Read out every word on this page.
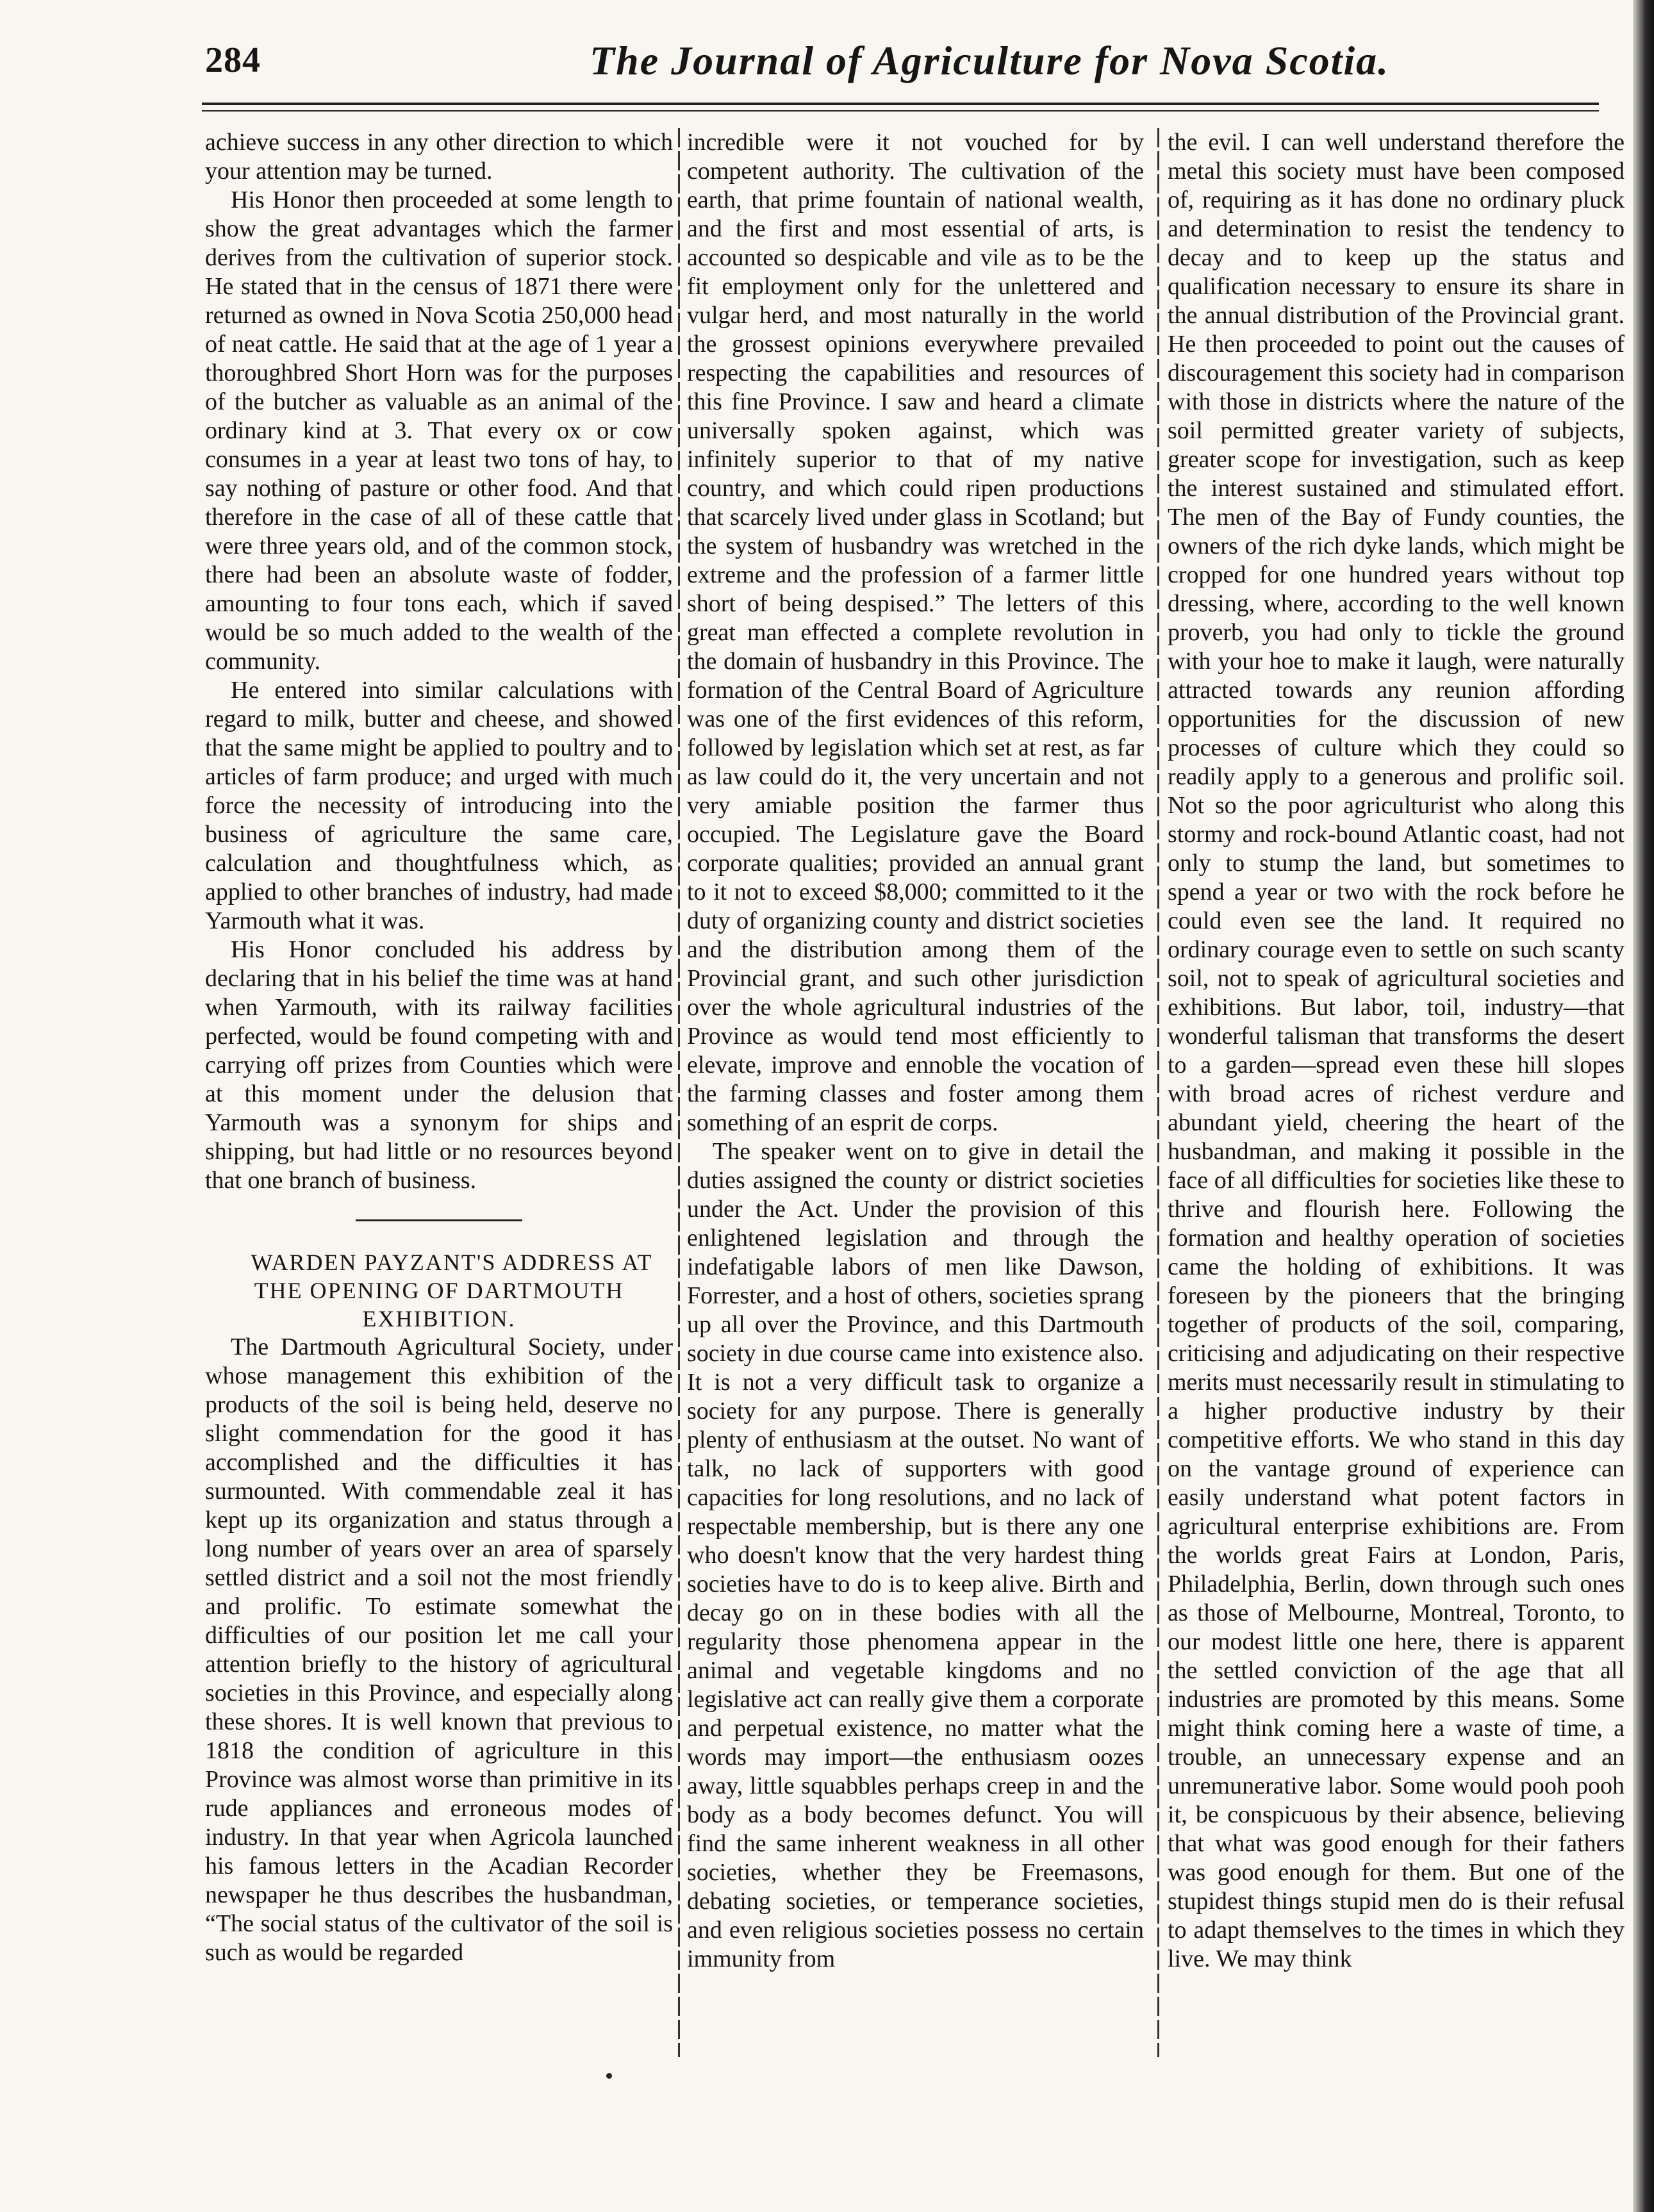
284	The Journal of Agriculture for Nova Scotia.

achieve success in any other direction to which your attention may be turned.

His Honor then proceeded at some length to show the great advantages which the farmer derives from the cultivation of superior stock. He stated that in the census of 1871 there were returned as owned in Nova Scotia 250,000 head of neat cattle. He said that at the age of 1 year a thoroughbred Short Horn was for the purposes of the butcher as valuable as an animal of the ordinary kind at 3. That every ox or cow consumes in a year at least two tons of hay, to say nothing of pasture or other food. And that therefore in the case of all of these cattle that were three years old, and of the common stock, there had been an absolute waste of fodder, amounting to four tons each, which if saved would be so much added to the wealth of the community.

He entered into similar calculations with regard to milk, butter and cheese, and showed that the same might be applied to poultry and to articles of farm produce; and urged with much force the necessity of introducing into the business of agriculture the same care, calculation and thoughtfulness which, as applied to other branches of industry, had made Yarmouth what it was.

His Honor concluded his address by declaring that in his belief the time was at hand when Yarmouth, with its railway facilities perfected, would be found competing with and carrying off prizes from Counties which were at this moment under the delusion that Yarmouth was a synonym for ships and shipping, but had little or no resources beyond that one branch of business.

WARDEN PAYZANT'S ADDRESS AT THE OPENING OF DARTMOUTH EXHIBITION.

The Dartmouth Agricultural Society, under whose management this exhibition of the products of the soil is being held, deserve no slight commendation for the good it has accomplished and the difficulties it has surmounted. With commendable zeal it has kept up its organization and status through a long number of years over an area of sparsely settled district and a soil not the most friendly and prolific. To estimate somewhat the difficulties of our position let me call your attention briefly to the history of agricultural societies in this Province, and especially along these shores. It is well known that previous to 1818 the condition of agriculture in this Province was almost worse than primitive in its rude appliances and erroneous modes of industry. In that year when Agricola launched his famous letters in the Acadian Recorder newspaper he thus describes the husbandman, “The social status of the cultivator of the soil is such as would be regarded

incredible were it not vouched for by competent authority. The cultivation of the earth, that prime fountain of national wealth, and the first and most essential of arts, is accounted so despicable and vile as to be the fit employment only for the unlettered and vulgar herd, and most naturally in the world the grossest opinions everywhere prevailed respecting the capabilities and resources of this fine Province. I saw and heard a climate universally spoken against, which was infinitely superior to that of my native country, and which could ripen productions that scarcely lived under glass in Scotland; but the system of husbandry was wretched in the extreme and the profession of a farmer little short of being despised.” The letters of this great man effected a complete revolution in the domain of husbandry in this Province. The formation of the Central Board of Agriculture was one of the first evidences of this reform, followed by legislation which set at rest, as far as law could do it, the very uncertain and not very amiable position the farmer thus occupied. The Legislature gave the Board corporate qualities; provided an annual grant to it not to exceed $8,000; committed to it the duty of organizing county and district societies and the distribution among them of the Provincial grant, and such other jurisdiction over the whole agricultural industries of the Province as would tend most efficiently to elevate, improve and ennoble the vocation of the farming classes and foster among them something of an esprit de corps.

The speaker went on to give in detail the duties assigned the county or district societies under the Act. Under the provision of this enlightened legislation and through the indefatigable labors of men like Dawson, Forrester, and a host of others, societies sprang up all over the Province, and this Dartmouth society in due course came into existence also. It is not a very difficult task to organize a society for any purpose. There is generally plenty of enthusiasm at the outset. No want of talk, no lack of supporters with good capacities for long resolutions, and no lack of respectable membership, but is there any one who doesn't know that the very hardest thing societies have to do is to keep alive. Birth and decay go on in these bodies with all the regularity those phenomena appear in the animal and vegetable kingdoms and no legislative act can really give them a corporate and perpetual existence, no matter what the words may import—the enthusiasm oozes away, little squabbles perhaps creep in and the body as a body becomes defunct. You will find the same inherent weakness in all other societies, whether they be Freemasons, debating societies, or temperance societies, and even religious societies possess no certain immunity from

the evil. I can well understand therefore the metal this society must have been composed of, requiring as it has done no ordinary pluck and determination to resist the tendency to decay and to keep up the status and qualification necessary to ensure its share in the annual distribution of the Provincial grant. He then proceeded to point out the causes of discouragement this society had in comparison with those in districts where the nature of the soil permitted greater variety of subjects, greater scope for investigation, such as keep the interest sustained and stimulated effort. The men of the Bay of Fundy counties, the owners of the rich dyke lands, which might be cropped for one hundred years without top dressing, where, according to the well known proverb, you had only to tickle the ground with your hoe to make it laugh, were naturally attracted towards any reunion affording opportunities for the discussion of new processes of culture which they could so readily apply to a generous and prolific soil. Not so the poor agriculturist who along this stormy and rock-bound Atlantic coast, had not only to stump the land, but sometimes to spend a year or two with the rock before he could even see the land. It required no ordinary courage even to settle on such scanty soil, not to speak of agricultural societies and exhibitions. But labor, toil, industry—that wonderful talisman that transforms the desert to a garden—spread even these hill slopes with broad acres of richest verdure and abundant yield, cheering the heart of the husbandman, and making it possible in the face of all difficulties for societies like these to thrive and flourish here. Following the formation and healthy operation of societies came the holding of exhibitions. It was foreseen by the pioneers that the bringing together of products of the soil, comparing, criticising and adjudicating on their respective merits must necessarily result in stimulating to a higher productive industry by their competitive efforts. We who stand in this day on the vantage ground of experience can easily understand what potent factors in agricultural enterprise exhibitions are. From the worlds great Fairs at London, Paris, Philadelphia, Berlin, down through such ones as those of Melbourne, Montreal, Toronto, to our modest little one here, there is apparent the settled conviction of the age that all industries are promoted by this means. Some might think coming here a waste of time, a trouble, an unnecessary expense and an unremunerative labor. Some would pooh pooh it, be conspicuous by their absence, believing that what was good enough for their fathers was good enough for them. But one of the stupidest things stupid men do is their refusal to adapt themselves to the times in which they live. We may think
